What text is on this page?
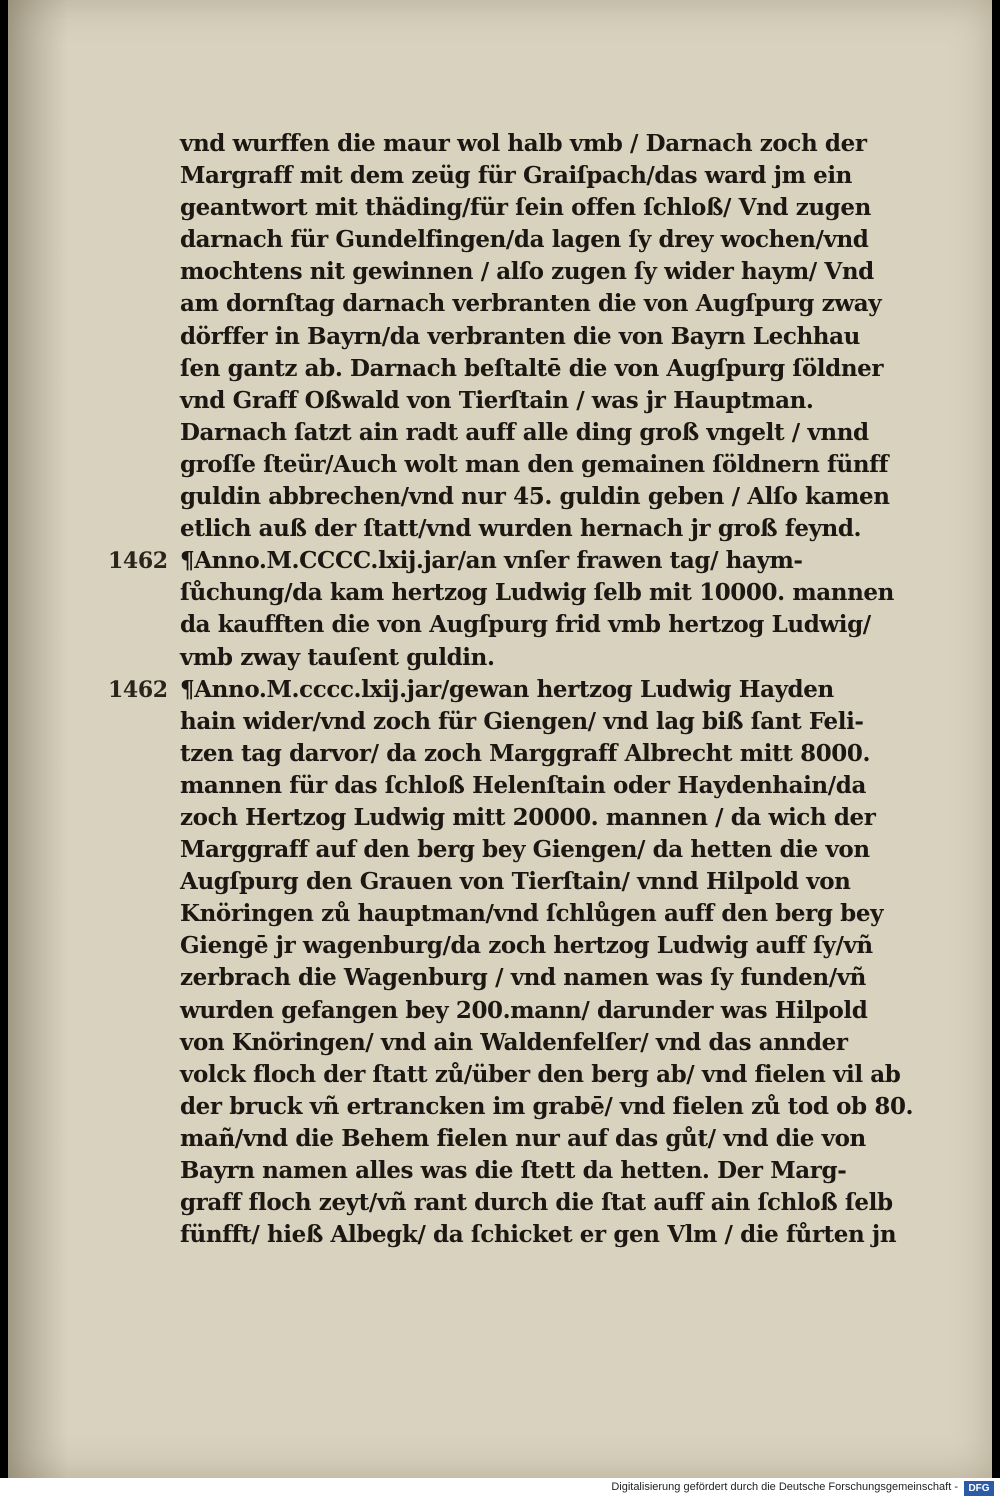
vnd wurffen die maur wol halb vmb / Darnach zoch der
Margraff mit dem zeüg für Graiſpach/das ward jm ein
geantwort mit thäding/für ſein offen ſchloß/ Vnd zugen
darnach für Gundelfingen/da lagen ſy drey wochen/vnd
mochtens nit gewinnen / alſo zugen ſy wider haym/ Vnd
am dornſtag darnach verbranten die von Augſpurg zway
dörffer in Bayrn/da verbranten die von Bayrn Lechhau
ſen gantz ab. Darnach beſtaltē die von Augſpurg ſöldner
vnd Graff Oßwald von Tierſtain / was jr Hauptman.
Darnach ſatzt ain radt auff alle ding groß vngelt / vnnd
groſſe ſteür/Auch wolt man den gemainen ſöldnern fünff
guldin abbrechen/vnd nur 45. guldin geben / Alſo kamen
etlich auß der ſtatt/vnd wurden hernach jr groß feynd.
1462 ¶Anno.M.CCCC.lxij.jar/an vnſer frawen tag/ haym-
ſůchung/da kam hertzog Ludwig ſelb mit 10000. mannen
da kaufften die von Augſpurg frid vmb hertzog Ludwig/
vmb zway tauſent guldin.
1462 ¶Anno.M.cccc.lxij.jar/gewan hertzog Ludwig Hayden
hain wider/vnd zoch für Giengen/ vnd lag biß ſant Feli-
tzen tag darvor/ da zoch Marggraff Albrecht mitt 8000.
mannen für das ſchloß Helenſtain oder Haydenhain/da
zoch Hertzog Ludwig mitt 20000. mannen / da wich der
Marggraff auf den berg bey Giengen/ da hetten die von
Augſpurg den Grauen von Tierſtain/ vnnd Hilpold von
Knöringen zů hauptman/vnd ſchlůgen auff den berg bey
Giengē jr wagenburg/da zoch hertzog Ludwig auff ſy/vñ
zerbrach die Wagenburg / vnd namen was ſy funden/vñ
wurden gefangen bey 200.mann/ darunder was Hilpold
von Knöringen/ vnd ain Waldenfelſer/ vnd das annder
volck floch der ſtatt zů/über den berg ab/ vnd fielen vil ab
der bruck vñ ertrancken im grabē/ vnd fielen zů tod ob 80.
mañ/vnd die Behem fielen nur auf das gůt/ vnd die von
Bayrn namen alles was die ſtett da hetten. Der Marg-
graff floch zeyt/vñ rant durch die ſtat auff ain ſchloß ſelb
fünfft/ hieß Albegk/ da ſchicket er gen Vlm / die fůrten jn
Digitalisierung gefördert durch die Deutsche Forschungsgemeinschaft -	DFG
